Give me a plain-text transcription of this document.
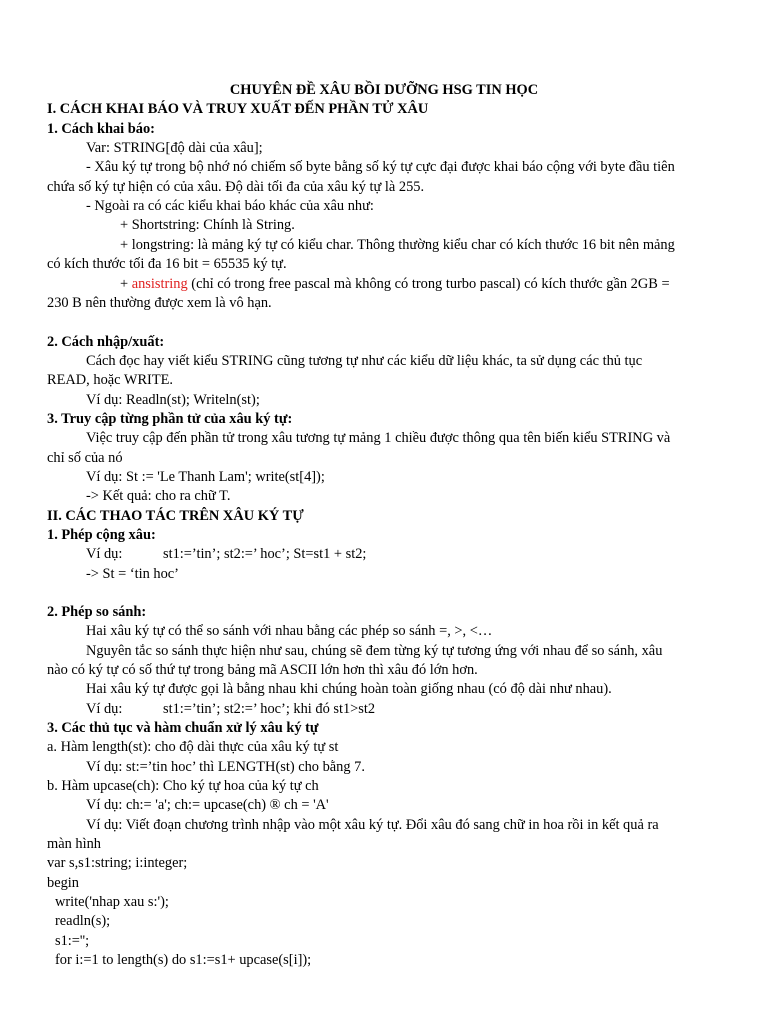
CHUYÊN ĐỀ XÂU BỒI DƯỠNG HSG TIN HỌC
I. CÁCH KHAI BÁO VÀ TRUY XUẤT ĐẾN PHẦN TỬ XÂU
1. Cách khai báo:
Var: STRING[độ dài của xâu];
- Xâu ký tự trong bộ nhớ nó chiếm số byte bằng số ký tự cực đại được khai báo cộng với byte đầu tiên
chứa số ký tự hiện có của xâu. Độ dài tối đa của xâu ký tự là 255.
- Ngoài ra có các kiểu khai báo khác của xâu như:
+ Shortstring: Chính là String.
+ longstring: là mảng ký tự có kiểu char. Thông thường kiểu char có kích thước 16 bit nên mảng
có kích thước tối đa 16 bit = 65535 ký tự.
+ ansistring (chỉ có trong free pascal mà không có trong turbo pascal) có kích thước gần 2GB =
230 B nên thường được xem là vô hạn.
2. Cách nhập/xuất:
Cách đọc hay viết kiểu STRING cũng tương tự như các kiểu dữ liệu khác, ta sử dụng các thủ tục
READ, hoặc WRITE.
Ví dụ: Readln(st); Writeln(st);
3. Truy cập từng phần tử của xâu ký tự:
Việc truy cập đến phần tử trong xâu tương tự mảng 1 chiều được thông qua tên biến kiểu STRING và
chỉ số của nó
Ví dụ: St := 'Le Thanh Lam'; write(st[4]);
-> Kết quả: cho ra chữ T.
II. CÁC THAO TÁC TRÊN XÂU KÝ TỰ
1. Phép cộng xâu:
Ví dụ:	st1:=’tin’; st2:=’ hoc’; St=st1 + st2;
-> St = ‘tin hoc’
2. Phép so sánh:
Hai xâu ký tự có thể so sánh với nhau bằng các phép so sánh =, >, <…
Nguyên tắc so sánh thực hiện như sau, chúng sẽ đem từng ký tự tương ứng với nhau để so sánh, xâu
nào có ký tự có số thứ tự trong bảng mã ASCII lớn hơn thì xâu đó lớn hơn.
Hai xâu ký tự được gọi là bằng nhau khi chúng hoàn toàn giống nhau (có độ dài như nhau).
Ví dụ:	st1:=’tin’; st2:=’ hoc’; khi đó st1>st2
3. Các thủ tục và hàm chuẩn xử lý xâu ký tự
a. Hàm length(st): cho độ dài thực của xâu ký tự st
Ví dụ: st:=’tin hoc’ thì LENGTH(st) cho bằng 7.
b. Hàm upcase(ch): Cho ký tự hoa của ký tự ch
Ví dụ: ch:= 'a'; ch:= upcase(ch) ® ch = 'A'
Ví dụ: Viết đoạn chương trình nhập vào một xâu ký tự. Đổi xâu đó sang chữ in hoa rồi in kết quả ra
màn hình
var s,s1:string; i:integer;
begin
write('nhap xau s:');
readln(s);
s1:='';
for i:=1 to length(s) do s1:=s1+ upcase(s[i]);
